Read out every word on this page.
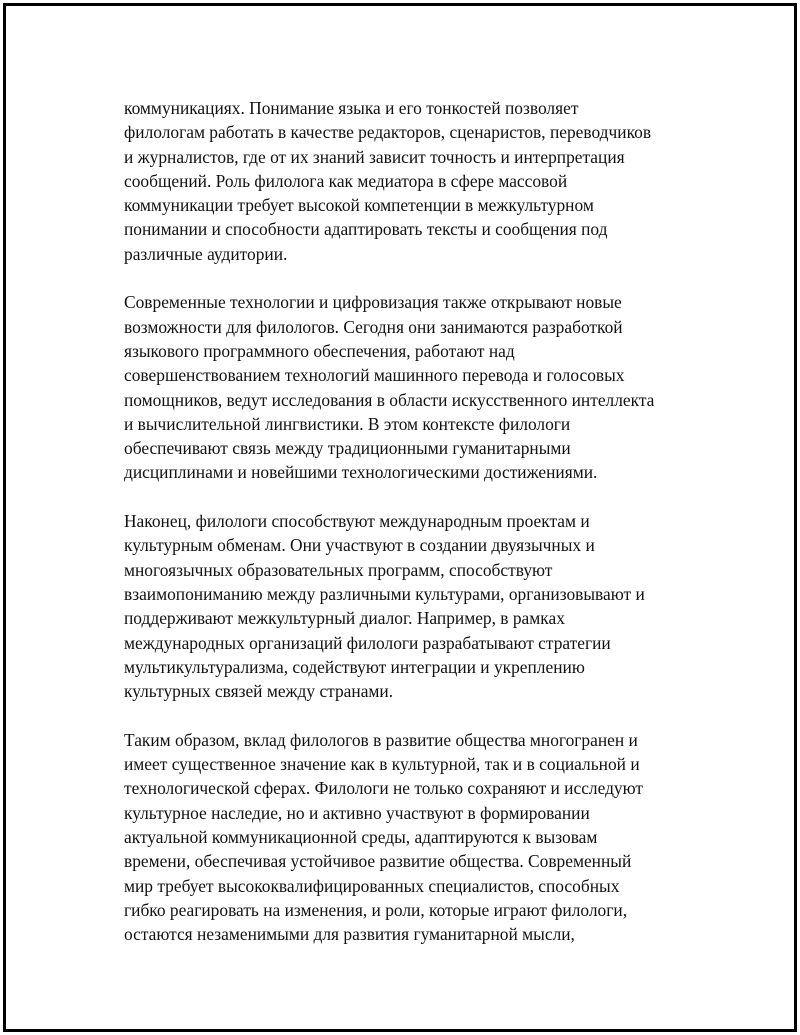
коммуникациях. Понимание языка и его тонкостей позволяет
филологам работать в качестве редакторов, сценаристов, переводчиков
и журналистов, где от их знаний зависит точность и интерпретация
сообщений. Роль филолога как медиатора в сфере массовой
коммуникации требует высокой компетенции в межкультурном
понимании и способности адаптировать тексты и сообщения под
различные аудитории.

Современные технологии и цифровизация также открывают новые
возможности для филологов. Сегодня они занимаются разработкой
языкового программного обеспечения, работают над
совершенствованием технологий машинного перевода и голосовых
помощников, ведут исследования в области искусственного интеллекта
и вычислительной лингвистики. В этом контексте филологи
обеспечивают связь между традиционными гуманитарными
дисциплинами и новейшими технологическими достижениями.

Наконец, филологи способствуют международным проектам и
культурным обменам. Они участвуют в создании двуязычных и
многоязычных образовательных программ, способствуют
взаимопониманию между различными культурами, организовывают и
поддерживают межкультурный диалог. Например, в рамках
международных организаций филологи разрабатывают стратегии
мультикультурализма, содействуют интеграции и укреплению
культурных связей между странами.

Таким образом, вклад филологов в развитие общества многогранен и
имеет существенное значение как в культурной, так и в социальной и
технологической сферах. Филологи не только сохраняют и исследуют
культурное наследие, но и активно участвуют в формировании
актуальной коммуникационной среды, адаптируются к вызовам
времени, обеспечивая устойчивое развитие общества. Современный
мир требует высококвалифицированных специалистов, способных
гибко реагировать на изменения, и роли, которые играют филологи,
остаются незаменимыми для развития гуманитарной мысли,
